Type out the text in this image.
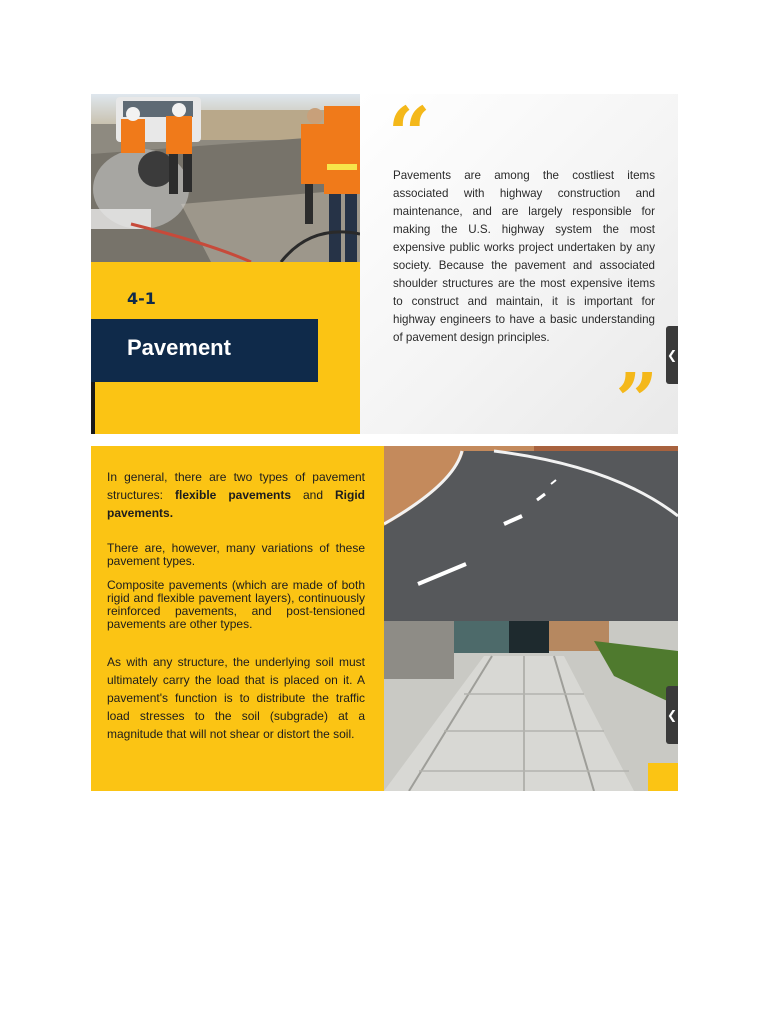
4-1
Pavement
“

Pavements are among the costliest items associated with highway construction and maintenance, and are largely responsible for making the U.S. highway system the most expensive public works project undertaken by any society. Because the pavement and associated shoulder structures are the most expensive items to construct and maintain, it is important for highway engineers to have a basic understanding of pavement design principles.

”
❮

In general, there are two types of pavement structures: flexible pavements and Rigid pavements.

There are, however, many variations of these pavement types.

Composite pavements (which are made of both rigid and flexible pavement layers), continuously reinforced pavements, and post-tensioned pavements are other types.

As with any structure, the underlying soil must ultimately carry the load that is placed on it. A pavement's function is to distribute the traffic load stresses to the soil (subgrade) at a magnitude that will not shear or distort the soil.

❮
